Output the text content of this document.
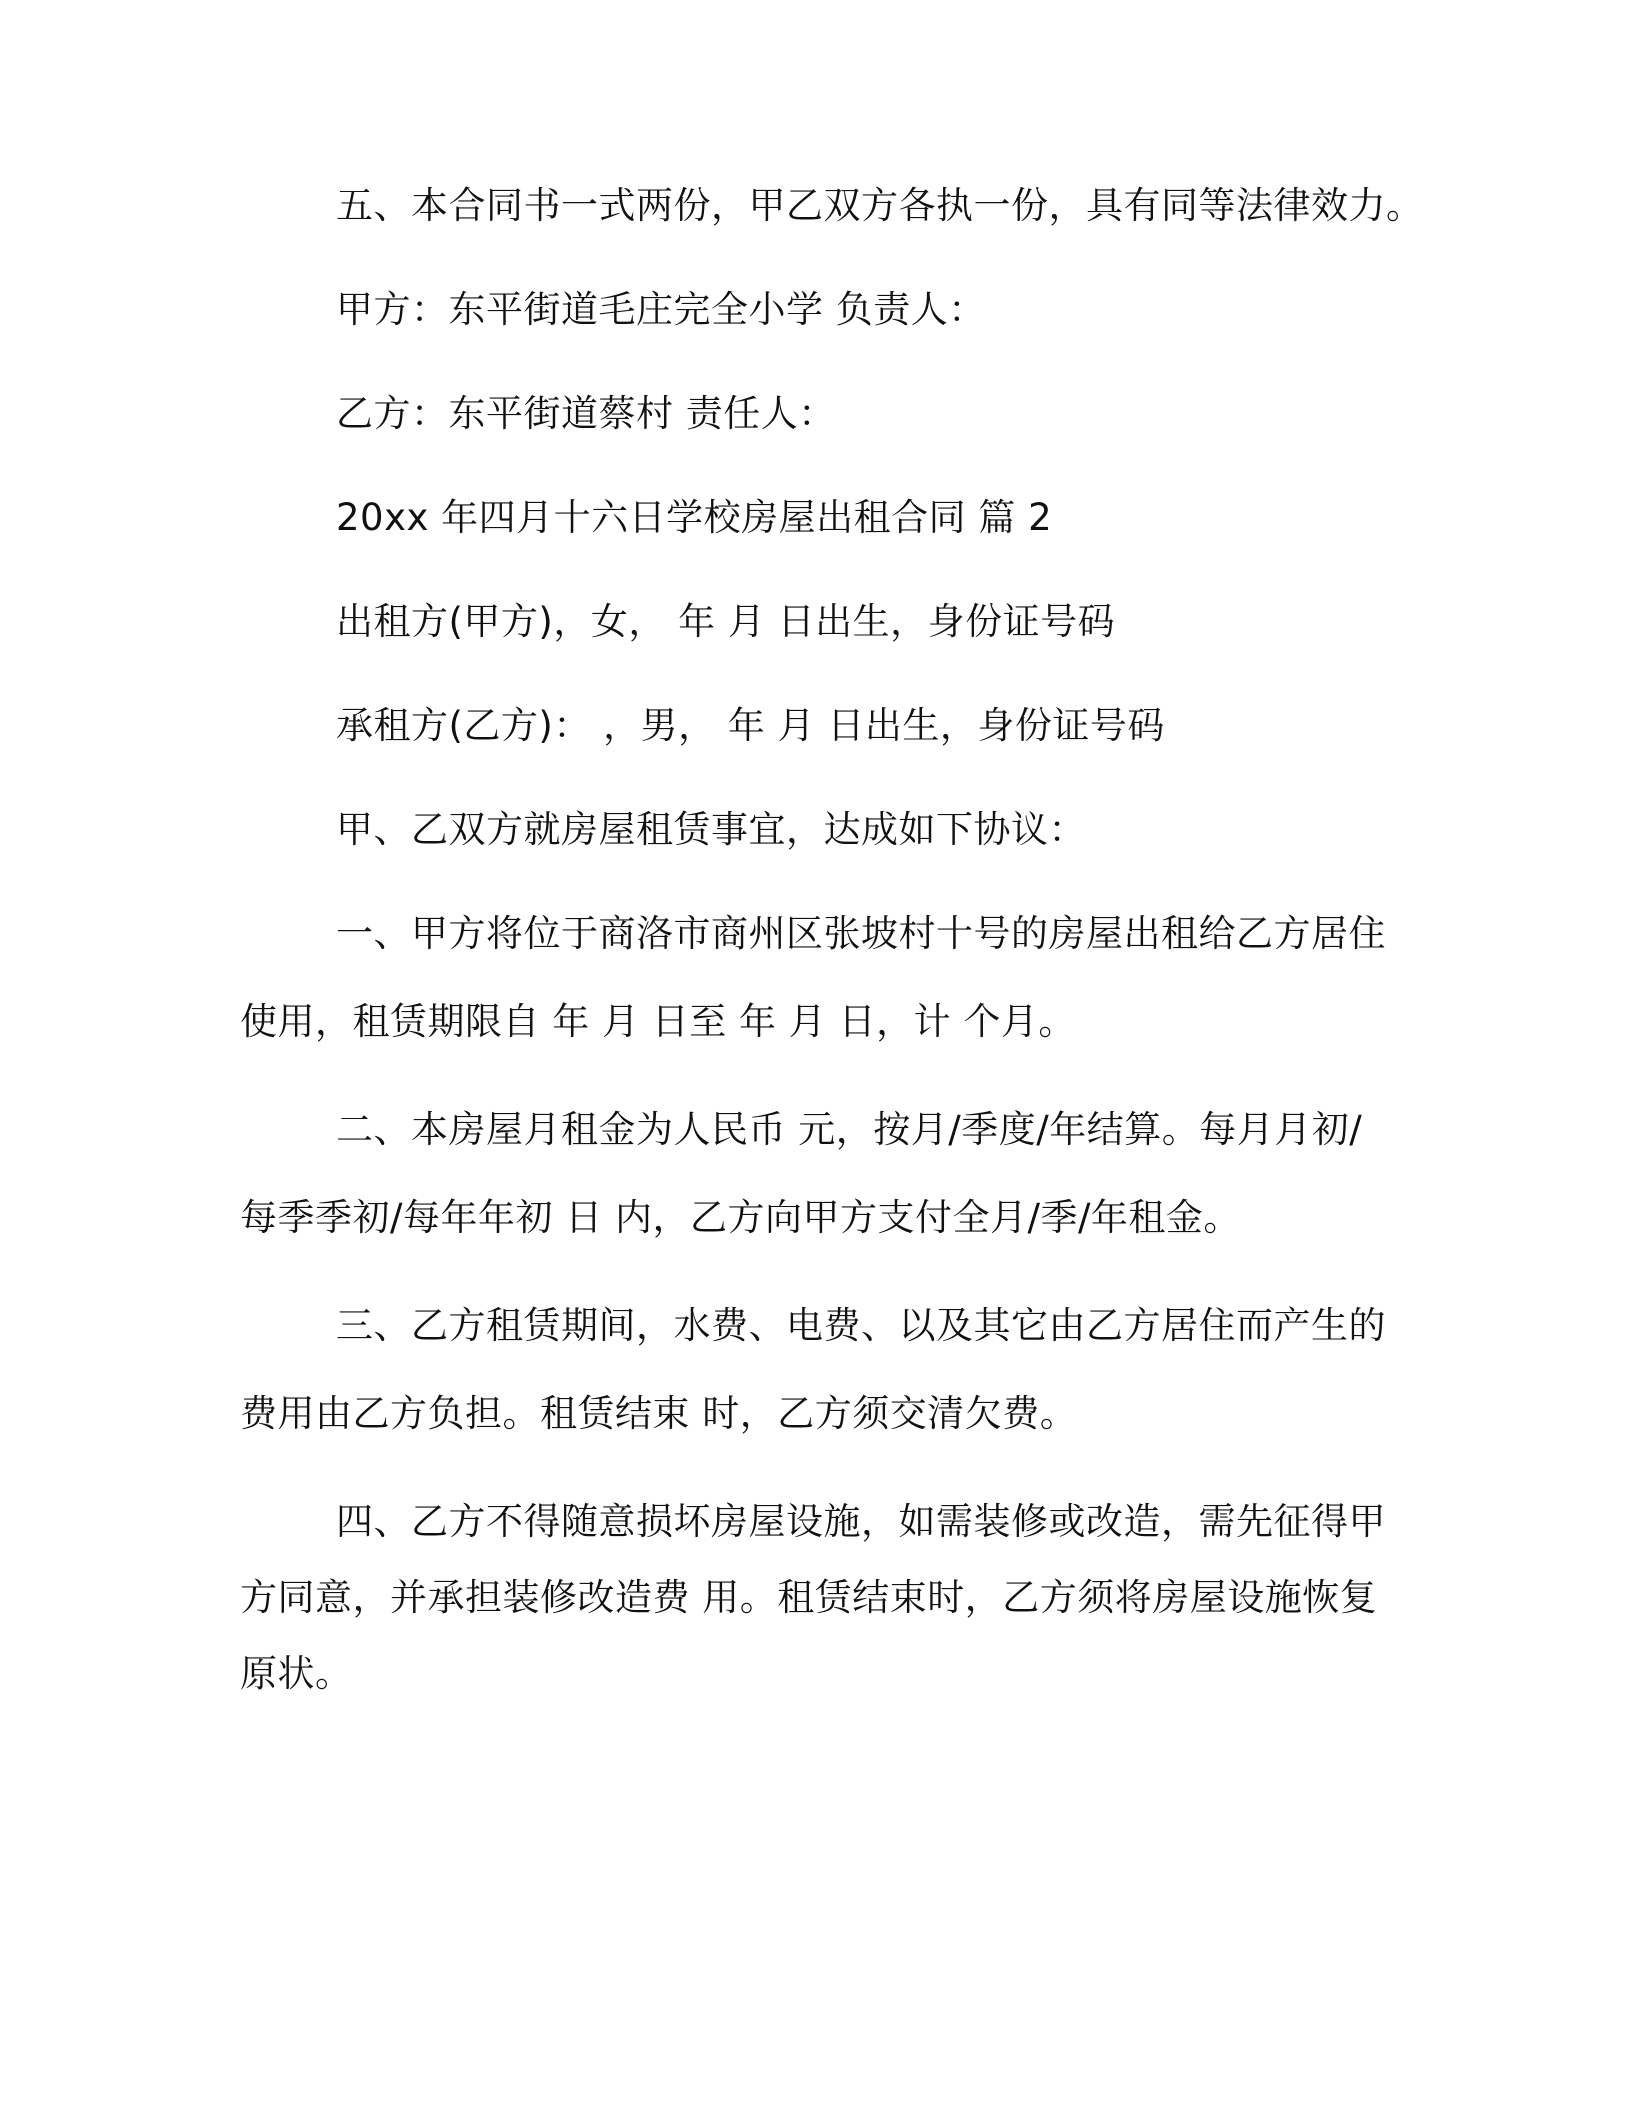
五、本合同书一式两份，甲乙双方各执一份，具有同等法律效力。
甲方：东平街道毛庄完全小学 负责人：
乙方：东平街道蔡村 责任人：
20xx 年四月十六日学校房屋出租合同 篇 2
出租方(甲方)，女， 年 月 日出生，身份证号码
承租方(乙方)： ，男， 年 月 日出生，身份证号码
甲、乙双方就房屋租赁事宜，达成如下协议：
一、甲方将位于商洛市商州区张坡村十号的房屋出租给乙方居住
使用，租赁期限自 年 月 日至 年 月 日，计 个月。
二、本房屋月租金为人民币 元，按月/季度/年结算。每月月初/
每季季初/每年年初 日 内，乙方向甲方支付全月/季/年租金。
三、乙方租赁期间，水费、电费、以及其它由乙方居住而产生的
费用由乙方负担。租赁结束 时，乙方须交清欠费。
四、乙方不得随意损坏房屋设施，如需装修或改造，需先征得甲
方同意，并承担装修改造费 用。租赁结束时，乙方须将房屋设施恢复
原状。
